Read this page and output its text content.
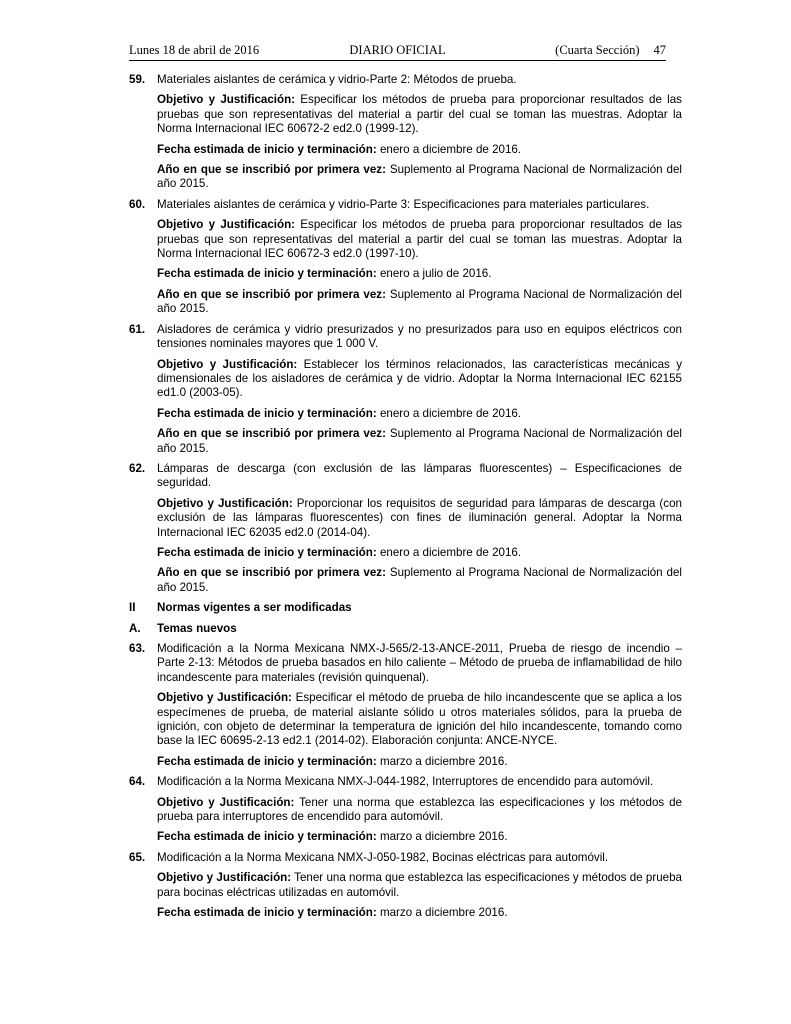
Lunes 18 de abril de 2016	DIARIO OFICIAL	(Cuarta Sección) 47
59.	Materiales aislantes de cerámica y vidrio-Parte 2: Métodos de prueba.
Objetivo y Justificación: Especificar los métodos de prueba para proporcionar resultados de las pruebas que son representativas del material a partir del cual se toman las muestras. Adoptar la Norma Internacional IEC 60672-2 ed2.0 (1999-12).
Fecha estimada de inicio y terminación: enero a diciembre de 2016.
Año en que se inscribió por primera vez: Suplemento al Programa Nacional de Normalización del año 2015.
60.	Materiales aislantes de cerámica y vidrio-Parte 3: Especificaciones para materiales particulares.
Objetivo y Justificación: Especificar los métodos de prueba para proporcionar resultados de las pruebas que son representativas del material a partir del cual se toman las muestras. Adoptar la Norma Internacional IEC 60672-3 ed2.0 (1997-10).
Fecha estimada de inicio y terminación: enero a julio de 2016.
Año en que se inscribió por primera vez: Suplemento al Programa Nacional de Normalización del año 2015.
61.	Aisladores de cerámica y vidrio presurizados y no presurizados para uso en equipos eléctricos con tensiones nominales mayores que 1 000 V.
Objetivo y Justificación: Establecer los términos relacionados, las características mecánicas y dimensionales de los aisladores de cerámica y de vidrio. Adoptar la Norma Internacional IEC 62155 ed1.0 (2003-05).
Fecha estimada de inicio y terminación: enero a diciembre de 2016.
Año en que se inscribió por primera vez: Suplemento al Programa Nacional de Normalización del año 2015.
62.	Lámparas de descarga (con exclusión de las lámparas fluorescentes) – Especificaciones de seguridad.
Objetivo y Justificación: Proporcionar los requisitos de seguridad para lámparas de descarga (con exclusión de las lámparas fluorescentes) con fines de iluminación general. Adoptar la Norma Internacional IEC 62035 ed2.0 (2014-04).
Fecha estimada de inicio y terminación: enero a diciembre de 2016.
Año en que se inscribió por primera vez: Suplemento al Programa Nacional de Normalización del año 2015.
II	Normas vigentes a ser modificadas
A.	Temas nuevos
63.	Modificación a la Norma Mexicana NMX-J-565/2-13-ANCE-2011, Prueba de riesgo de incendio – Parte 2-13: Métodos de prueba basados en hilo caliente – Método de prueba de inflamabilidad de hilo incandescente para materiales (revisión quinquenal).
Objetivo y Justificación: Especificar el método de prueba de hilo incandescente que se aplica a los especímenes de prueba, de material aislante sólido u otros materiales sólidos, para la prueba de ignición, con objeto de determinar la temperatura de ignición del hilo incandescente, tomando como base la IEC 60695-2-13 ed2.1 (2014-02). Elaboración conjunta: ANCE-NYCE.
Fecha estimada de inicio y terminación: marzo a diciembre 2016.
64.	Modificación a la Norma Mexicana NMX-J-044-1982, Interruptores de encendido para automóvil.
Objetivo y Justificación: Tener una norma que establezca las especificaciones y los métodos de prueba para interruptores de encendido para automóvil.
Fecha estimada de inicio y terminación: marzo a diciembre 2016.
65.	Modificación a la Norma Mexicana NMX-J-050-1982, Bocinas eléctricas para automóvil.
Objetivo y Justificación: Tener una norma que establezca las especificaciones y métodos de prueba para bocinas eléctricas utilizadas en automóvil.
Fecha estimada de inicio y terminación: marzo a diciembre 2016.
